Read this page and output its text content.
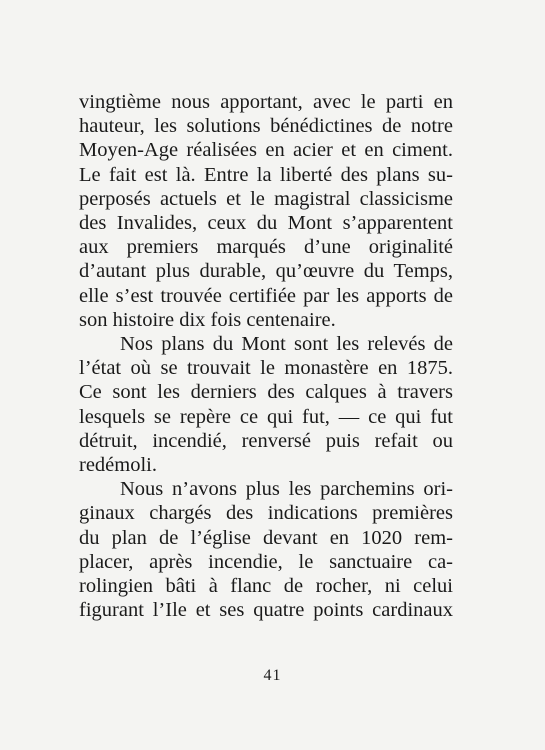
vingtième nous apportant, avec le parti en
hauteur, les solutions bénédictines de notre
Moyen-Age réalisées en acier et en ciment.
Le fait est là. Entre la liberté des plans su-
perposés actuels et le magistral classicisme
des Invalides, ceux du Mont s’apparentent
aux premiers marqués d’une originalité
d’autant plus durable, qu’œuvre du Temps,
elle s’est trouvée certifiée par les apports de
son histoire dix fois centenaire.
Nos plans du Mont sont les relevés de
l’état où se trouvait le monastère en 1875.
Ce sont les derniers des calques à travers
lesquels se repère ce qui fut, — ce qui fut
détruit, incendié, renversé puis refait ou
redémoli.
Nous n’avons plus les parchemins ori-
ginaux chargés des indications premières
du plan de l’église devant en 1020 rem-
placer, après incendie, le sanctuaire ca-
rolingien bâti à flanc de rocher, ni celui
figurant l’Ile et ses quatre points cardinaux
41
